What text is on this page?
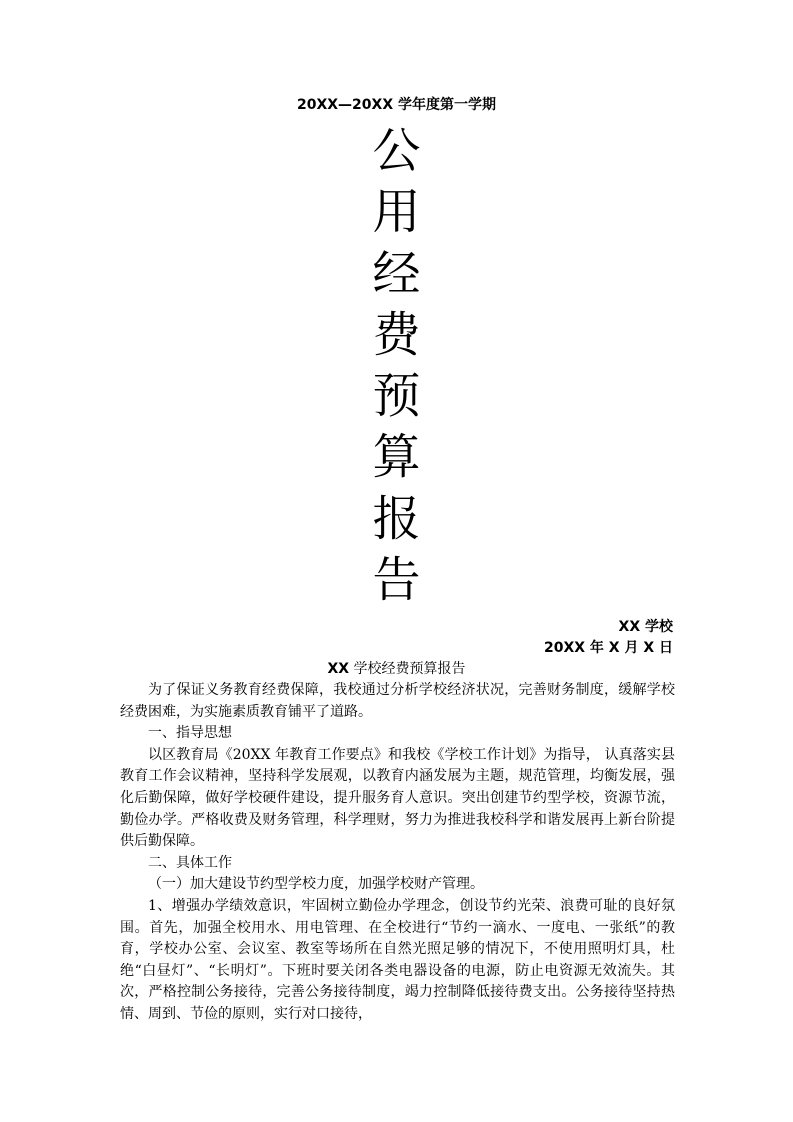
20XX—20XX 学年度第一学期
公
用
经
费
预
算
报
告
XX 学校
20XX 年 X 月 X 日
XX 学校经费预算报告

为了保证义务教育经费保障，我校通过分析学校经济状况，完善财务制度，缓解学校经费困难，为实施素质教育铺平了道路。

一、指导思想

以区教育局《20XX 年教育工作要点》和我校《学校工作计划》为指导， 认真落实县教育工作会议精神，坚持科学发展观，以教育内涵发展为主题，规范管理，均衡发展，强化后勤保障，做好学校硬件建设，提升服务育人意识。突出创建节约型学校，资源节流，勤俭办学。严格收费及财务管理，科学理财，努力为推进我校科学和谐发展再上新台阶提供后勤保障。

二、具体工作

（一）加大建设节约型学校力度，加强学校财产管理。

1、增强办学绩效意识，牢固树立勤俭办学理念，创设节约光荣、浪费可耻的良好氛围。首先，加强全校用水、用电管理、在全校进行“节约一滴水、一度电、一张纸”的教育，学校办公室、会议室、教室等场所在自然光照足够的情况下，不使用照明灯具，杜绝“白昼灯”、“长明灯”。下班时要关闭各类电器设备的电源，防止电资源无效流失。其次，严格控制公务接待，完善公务接待制度，竭力控制降低接待费支出。公务接待坚持热情、周到、节俭的原则，实行对口接待，
